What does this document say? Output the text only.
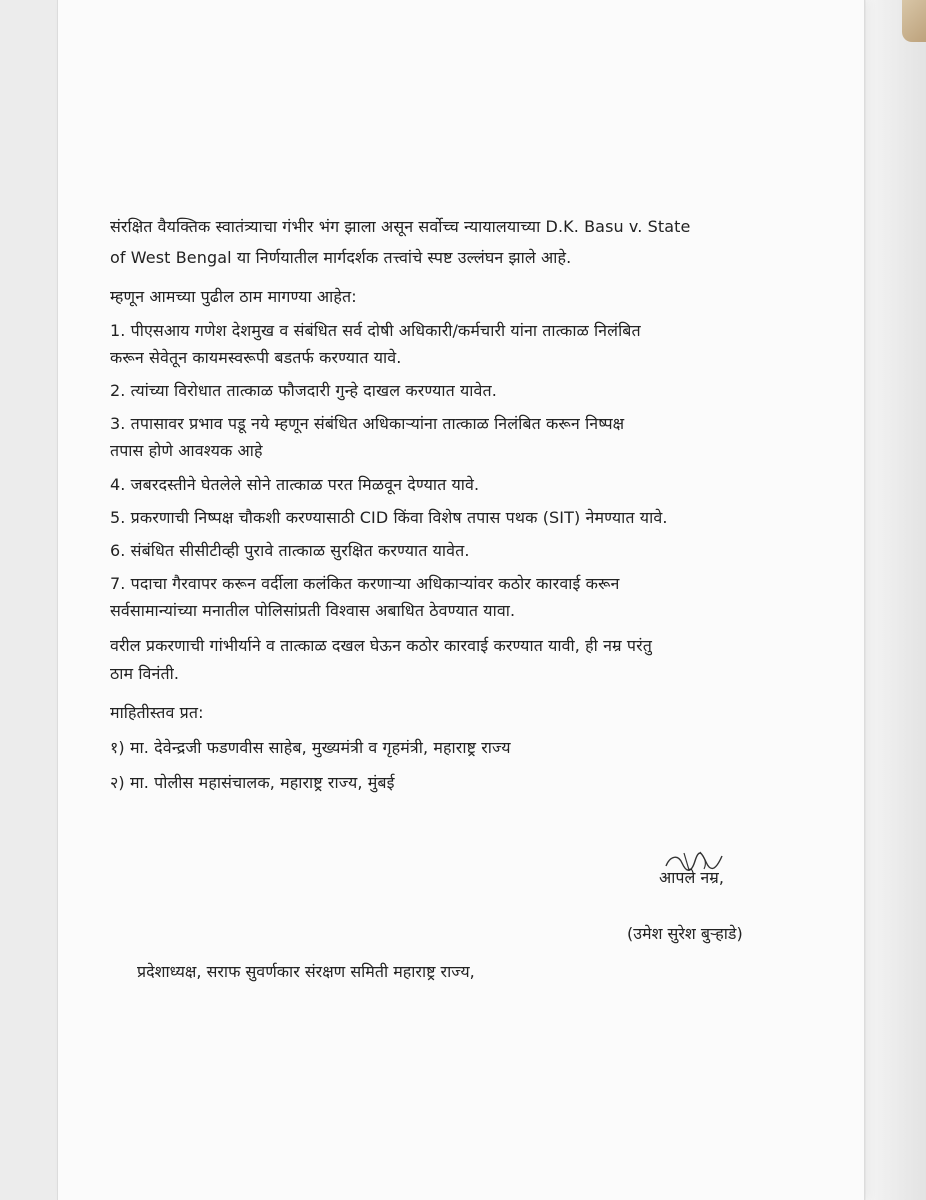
संरक्षित वैयक्तिक स्वातंत्र्याचा गंभीर भंग झाला असून सर्वोच्च न्यायालयाच्या D.K. Basu v. State

of West Bengal या निर्णयातील मार्गदर्शक तत्त्वांचे स्पष्ट उल्लंघन झाले आहे.

म्हणून आमच्या पुढील ठाम मागण्या आहेत:

1. पीएसआय गणेश देशमुख व संबंधित सर्व दोषी अधिकारी/कर्मचारी यांना तात्काळ निलंबित

करून सेवेतून कायमस्वरूपी बडतर्फ करण्यात यावे.

2. त्यांच्या विरोधात तात्काळ फौजदारी गुन्हे दाखल करण्यात यावेत.

3. तपासावर प्रभाव पडू नये म्हणून संबंधित अधिकाऱ्यांना तात्काळ निलंबित करून निष्पक्ष

तपास होणे आवश्यक आहे

4. जबरदस्तीने घेतलेले सोने तात्काळ परत मिळवून देण्यात यावे.

5. प्रकरणाची निष्पक्ष चौकशी करण्यासाठी CID किंवा विशेष तपास पथक (SIT) नेमण्यात यावे.

6. संबंधित सीसीटीव्ही पुरावे तात्काळ सुरक्षित करण्यात यावेत.

7. पदाचा गैरवापर करून वर्दीला कलंकित करणाऱ्या अधिकाऱ्यांवर कठोर कारवाई करून

सर्वसामान्यांच्या मनातील पोलिसांप्रती विश्वास अबाधित ठेवण्यात यावा.

वरील प्रकरणाची गांभीर्याने व तात्काळ दखल घेऊन कठोर कारवाई करण्यात यावी, ही नम्र परंतु

ठाम विनंती.

माहितीस्तव प्रत:

१) मा. देवेन्द्रजी फडणवीस साहेब, मुख्यमंत्री व गृहमंत्री, महाराष्ट्र राज्य

२) मा. पोलीस महासंचालक, महाराष्ट्र राज्य, मुंबई

आपले नम्र,
(उमेश सुरेश बुऱ्हाडे)
प्रदेशाध्यक्ष, सराफ सुवर्णकार संरक्षण समिती महाराष्ट्र राज्य,
